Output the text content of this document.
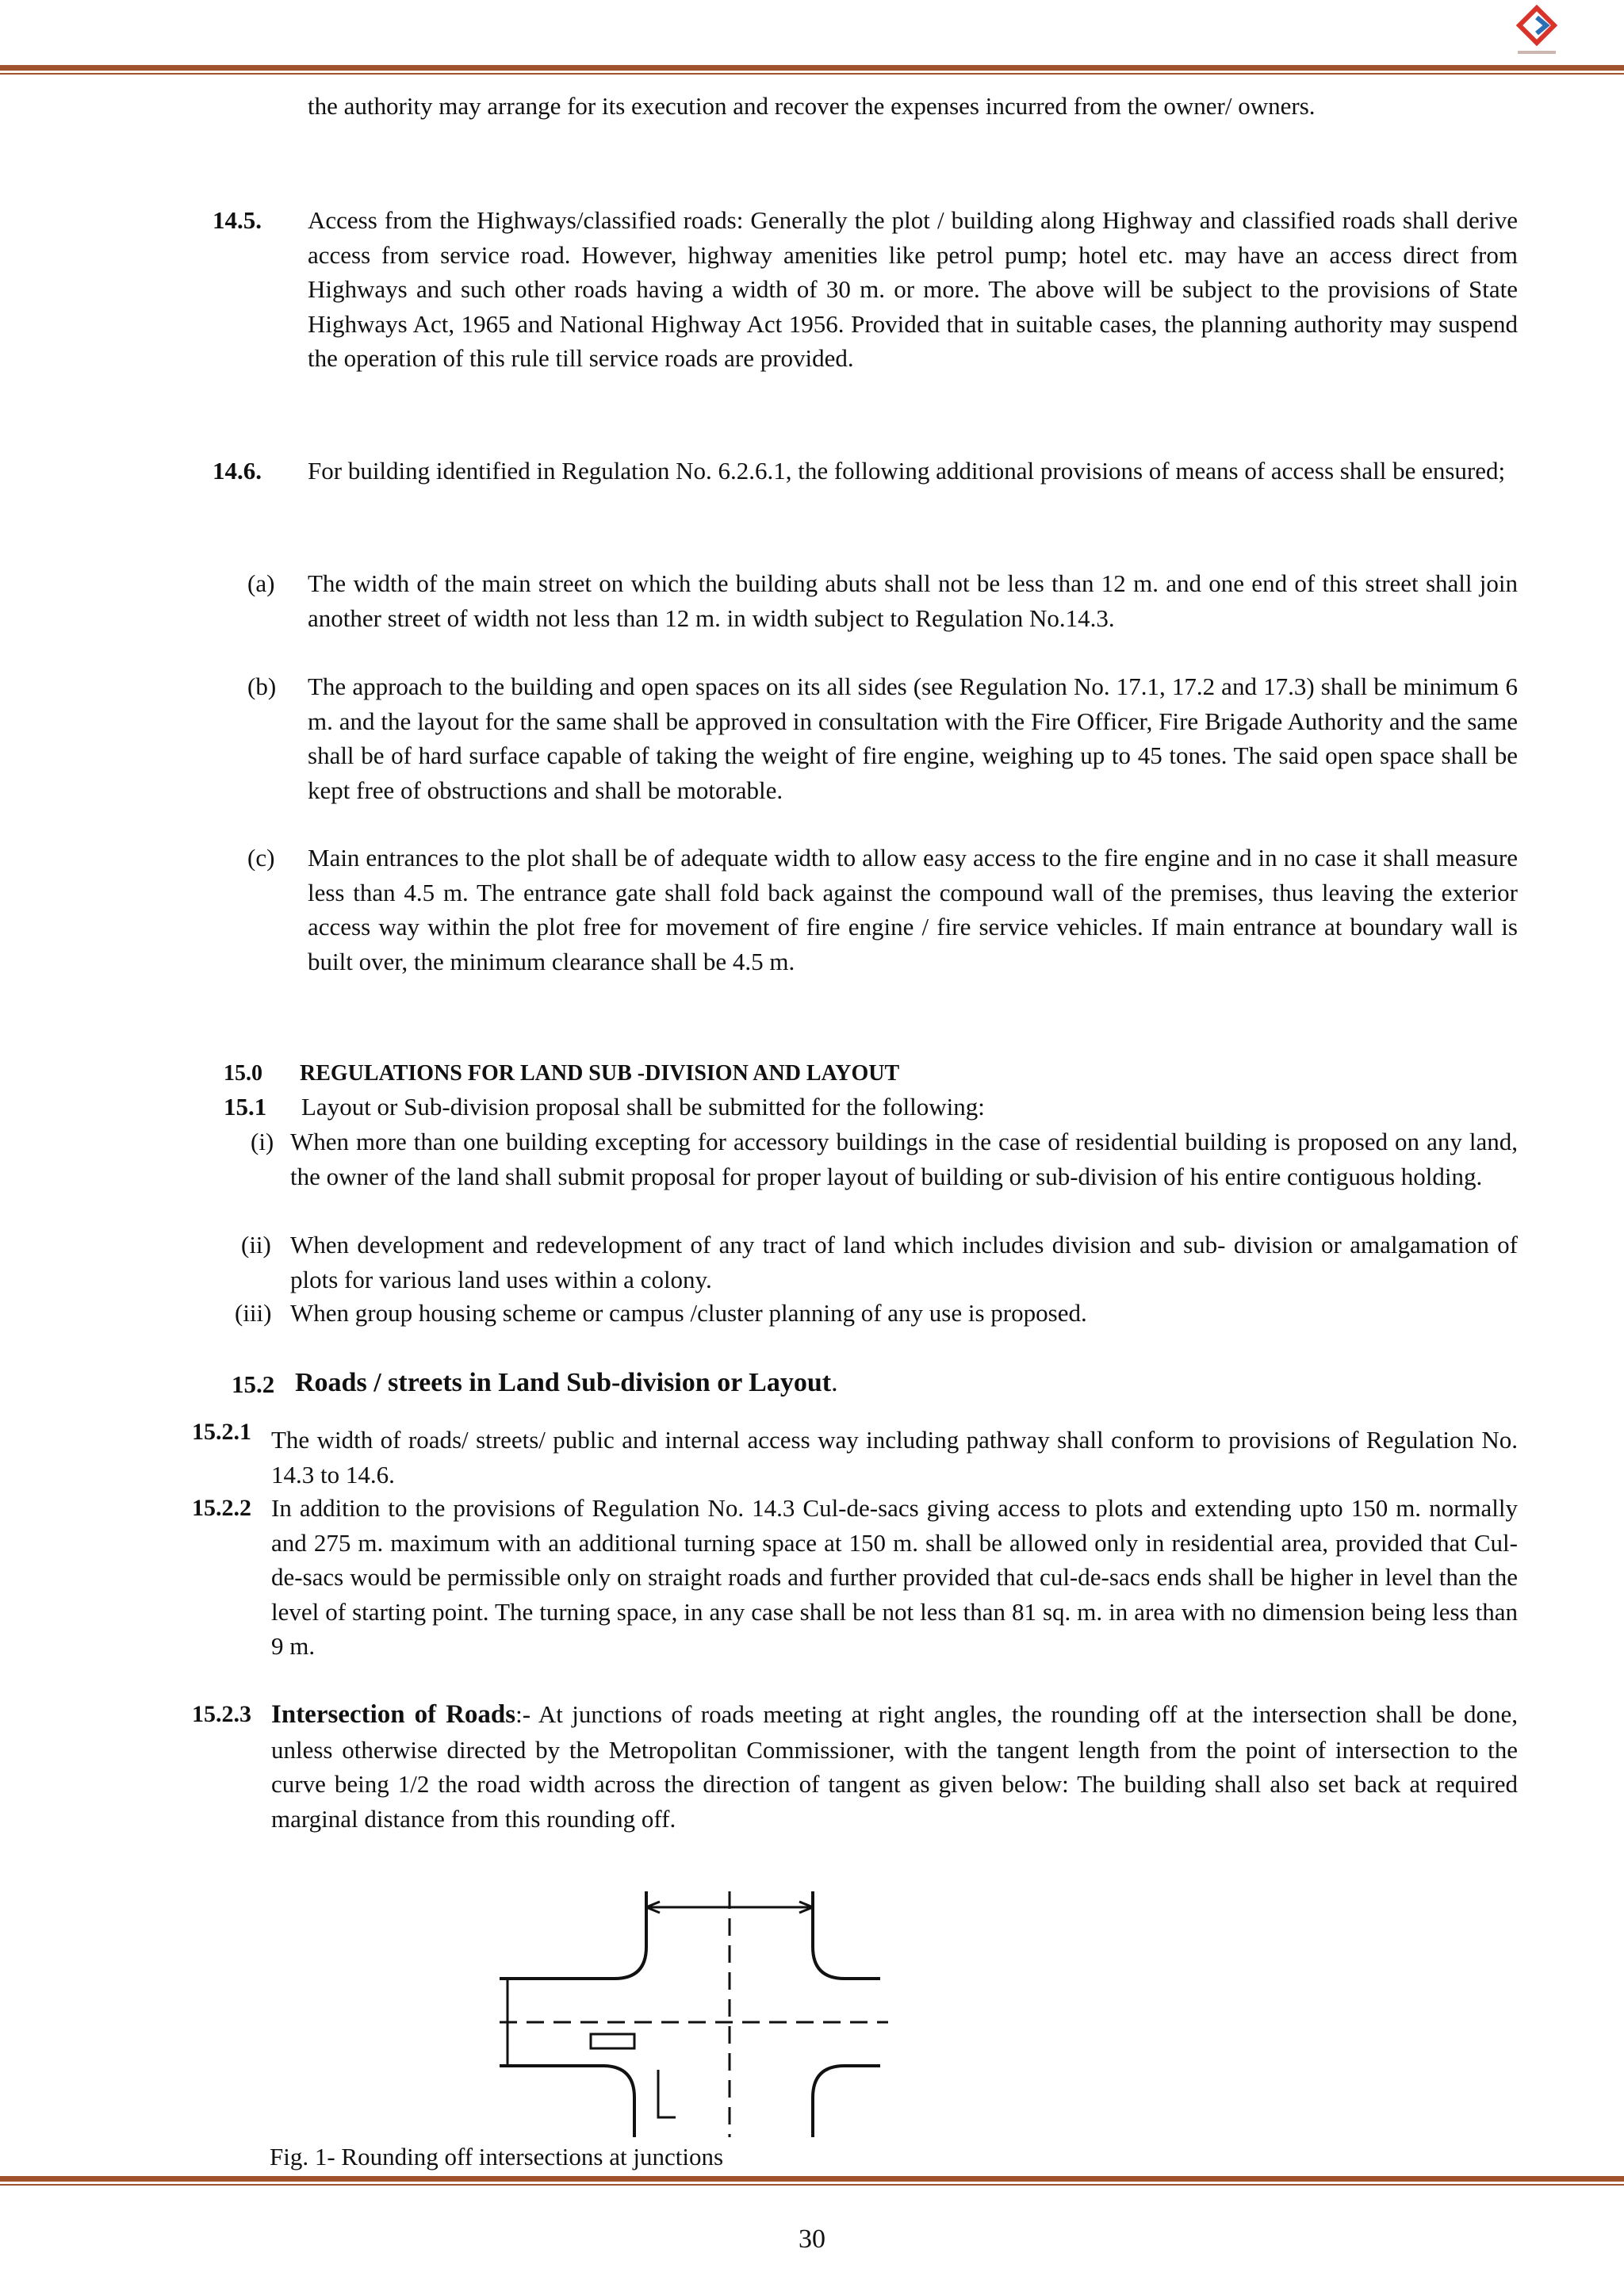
the authority may arrange for its execution and recover the expenses incurred from the owner/ owners.

14.5. Access from the Highways/classified roads: Generally the plot / building along Highway and classified roads shall derive access from service road. However, highway amenities like petrol pump; hotel etc. may have an access direct from Highways and such other roads having a width of 30 m. or more. The above will be subject to the provisions of State Highways Act, 1965 and National Highway Act 1956. Provided that in suitable cases, the planning authority may suspend the operation of this rule till service roads are provided.

14.6. For building identified in Regulation No. 6.2.6.1, the following additional provisions of means of access shall be ensured;

(a) The width of the main street on which the building abuts shall not be less than 12 m. and one end of this street shall join another street of width not less than 12 m. in width subject to Regulation No.14.3.

(b) The approach to the building and open spaces on its all sides (see Regulation No. 17.1, 17.2 and 17.3) shall be minimum 6 m. and the layout for the same shall be approved in consultation with the Fire Officer, Fire Brigade Authority and the same shall be of hard surface capable of taking the weight of fire engine, weighing up to 45 tones. The said open space shall be kept free of obstructions and shall be motorable.

(c) Main entrances to the plot shall be of adequate width to allow easy access to the fire engine and in no case it shall measure less than 4.5 m. The entrance gate shall fold back against the compound wall of the premises, thus leaving the exterior access way within the plot free for movement of fire engine / fire service vehicles. If main entrance at boundary wall is built over, the minimum clearance shall be 4.5 m.

15.0 REGULATIONS FOR LAND SUB -DIVISION AND LAYOUT
15.1 Layout or Sub-division proposal shall be submitted for the following:

(i) When more than one building excepting for accessory buildings in the case of residential building is proposed on any land, the owner of the land shall submit proposal for proper layout of building or sub-division of his entire contiguous holding.

(ii) When development and redevelopment of any tract of land which includes division and sub- division or amalgamation of plots for various land uses within a colony.

(iii) When group housing scheme or campus /cluster planning of any use is proposed.

15.2 Roads / streets in Land Sub-division or Layout.
15.2.1 The width of roads/ streets/ public and internal access way including pathway shall conform to provisions of Regulation No. 14.3 to 14.6.

15.2.2 In addition to the provisions of Regulation No. 14.3 Cul-de-sacs giving access to plots and extending upto 150 m. normally and 275 m. maximum with an additional turning space at 150 m. shall be allowed only in residential area, provided that Cul-de-sacs would be permissible only on straight roads and further provided that cul-de-sacs ends shall be higher in level than the level of starting point. The turning space, in any case shall be not less than 81 sq. m. in area with no dimension being less than 9 m.

15.2.3 Intersection of Roads:- At junctions of roads meeting at right angles, the rounding off at the intersection shall be done, unless otherwise directed by the Metropolitan Commissioner, with the tangent length from the point of intersection to the curve being 1/2 the road width across the direction of tangent as given below: The building shall also set back at required marginal distance from this rounding off.

Fig. 1- Rounding off intersections at junctions
30
